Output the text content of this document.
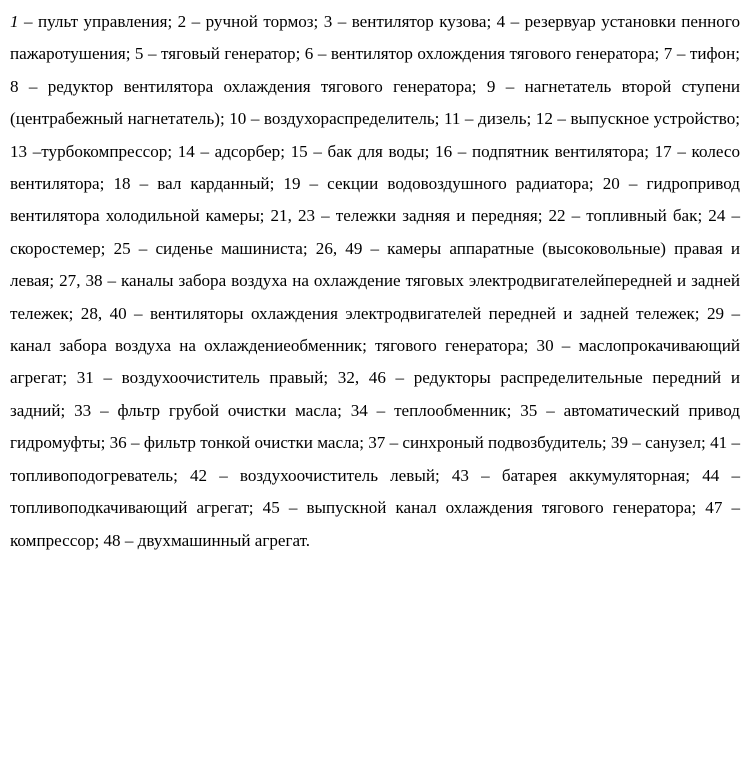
1 – пульт управления; 2 – ручной тормоз; 3 – вентилятор кузова; 4 – резервуар установки пенного пажаротушения; 5 – тяговый генератор; 6 – вентилятор охлождения тягового генератора; 7 – тифон; 8 – редуктор вентилятора охлаждения тягового генератора; 9 – нагнетатель второй ступени (центрабежный нагнетатель); 10 – воздухораспределитель; 11 – дизель; 12 – выпускное устройство; 13 –турбокомпрессор; 14 – адсорбер; 15 – бак для воды; 16 – подпятник вентилятора; 17 – колесо вентилятора; 18 – вал карданный; 19 – секции водовоздушного радиатора; 20 – гидропривод вентилятора холодильной камеры; 21, 23 – тележки задняя и передняя; 22 – топливный бак; 24 – скоростемер; 25 – сиденье машиниста; 26, 49 – камеры аппаратные (высоковольные) правая и левая; 27, 38 – каналы забора воздуха на охлаждение тяговых электродвигателейпередней и задней тележек; 28, 40 – вентиляторы охлаждения электродвигателей передней и задней тележек; 29 – канал забора воздуха на охлаждениеобменник; тягового генератора; 30 – маслопрокачивающий агрегат; 31 – воздухоочиститель правый; 32, 46 – редукторы распределительные передний и задний; 33 – фльтр грубой очистки масла; 34 – теплообменник; 35 – автоматический привод гидромуфты; 36 – фильтр тонкой очистки масла; 37 – синхроный подвозбудитель; 39 – санузел; 41 – топливоподогреватель; 42 – воздухоочиститель левый; 43 – батарея аккумуляторная; 44 – топливоподкачивающий агрегат; 45 – выпускной канал охлаждения тягового генератора; 47 –компрессор; 48 – двухмашинный агрегат.
